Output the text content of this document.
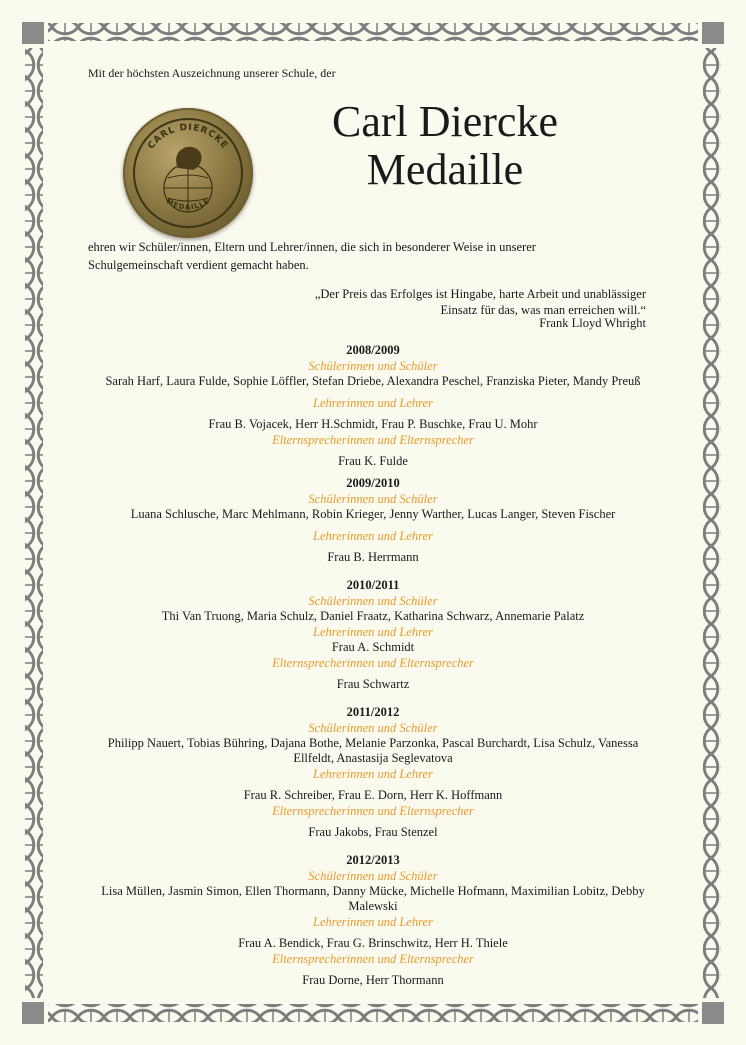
Mit der höchsten Auszeichnung unserer Schule, der
CARL DIERCKE
MEDAILLE
Carl Diercke
Medaille
ehren wir Schüler/innen, Eltern und Lehrer/innen, die sich in besonderer Weise in unserer
Schulgemeinschaft verdient gemacht haben.
„Der Preis das Erfolges ist Hingabe, harte Arbeit und unablässiger
Einsatz für das, was man erreichen will.“
Frank Lloyd Whright
2008/2009
Schülerinnen und Schüler
Sarah Harf, Laura Fulde, Sophie Löffler, Stefan Driebe, Alexandra Peschel, Franziska Pieter, Mandy Preuß
Lehrerinnen und Lehrer
Frau B. Vojacek, Herr H.Schmidt, Frau P. Buschke, Frau U. Mohr
Elternsprecherinnen und Elternsprecher
Frau K. Fulde
2009/2010
Schülerinnen und Schüler
Luana Schlusche, Marc Mehlmann, Robin Krieger, Jenny Warther, Lucas Langer, Steven Fischer
Lehrerinnen und Lehrer
Frau B. Herrmann
2010/2011
Schülerinnen und Schüler
Thi Van Truong, Maria Schulz, Daniel Fraatz, Katharina Schwarz, Annemarie Palatz
Lehrerinnen und Lehrer
Frau A. Schmidt
Elternsprecherinnen und Elternsprecher
Frau Schwartz
2011/2012
Schülerinnen und Schüler
Philipp Nauert, Tobias Bühring, Dajana Bothe, Melanie Parzonka, Pascal Burchardt, Lisa Schulz, Vanessa Ellfeldt, Anastasija Seglevatova
Lehrerinnen und Lehrer
Frau R. Schreiber, Frau E. Dorn, Herr K. Hoffmann
Elternsprecherinnen und Elternsprecher
Frau Jakobs, Frau Stenzel
2012/2013
Schülerinnen und Schüler
Lisa Müllen, Jasmin Simon, Ellen Thormann, Danny Mücke, Michelle Hofmann, Maximilian Lobitz, Debby Malewski
Lehrerinnen und Lehrer
Frau A. Bendick, Frau G. Brinschwitz, Herr H. Thiele
Elternsprecherinnen und Elternsprecher
Frau Dorne, Herr Thormann
